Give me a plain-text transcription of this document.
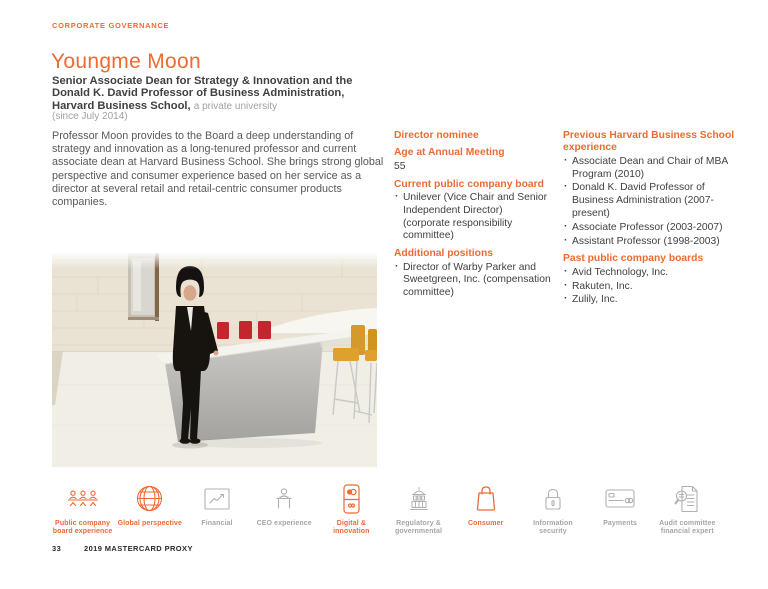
CORPORATE GOVERNANCE
Youngme Moon
Senior Associate Dean for Strategy & Innovation and the
Donald K. David Professor of Business Administration,
Harvard Business School, a private university
(since July 2014)
Professor Moon provides to the Board a deep understanding of strategy and innovation as a long-tenured professor and current associate dean at Harvard Business School. She brings strong global perspective and consumer experience based on her service as a director at several retail and retail-centric consumer products companies.
Director nominee
Age at Annual Meeting
55
Current public company board
· Unilever (Vice Chair and Senior Independent Director) (corporate responsibility committee)
Additional positions
· Director of Warby Parker and Sweetgreen, Inc. (compensation committee)
Previous Harvard Business School experience
· Associate Dean and Chair of MBA Program (2010)
· Donald K. David Professor of Business Administration (2007-present)
· Associate Professor (2003-2007)
· Assistant Professor (1998-2003)
Past public company boards
· Avid Technology, Inc.
· Rakuten, Inc.
· Zulily, Inc.
Public company board experience
Global perspective	Financial	CEO experience	Digital & innovation
Regulatory & governmental
Consumer	Information security
Payments	Audit committee financial expert
33	2019 MASTERCARD PROXY
